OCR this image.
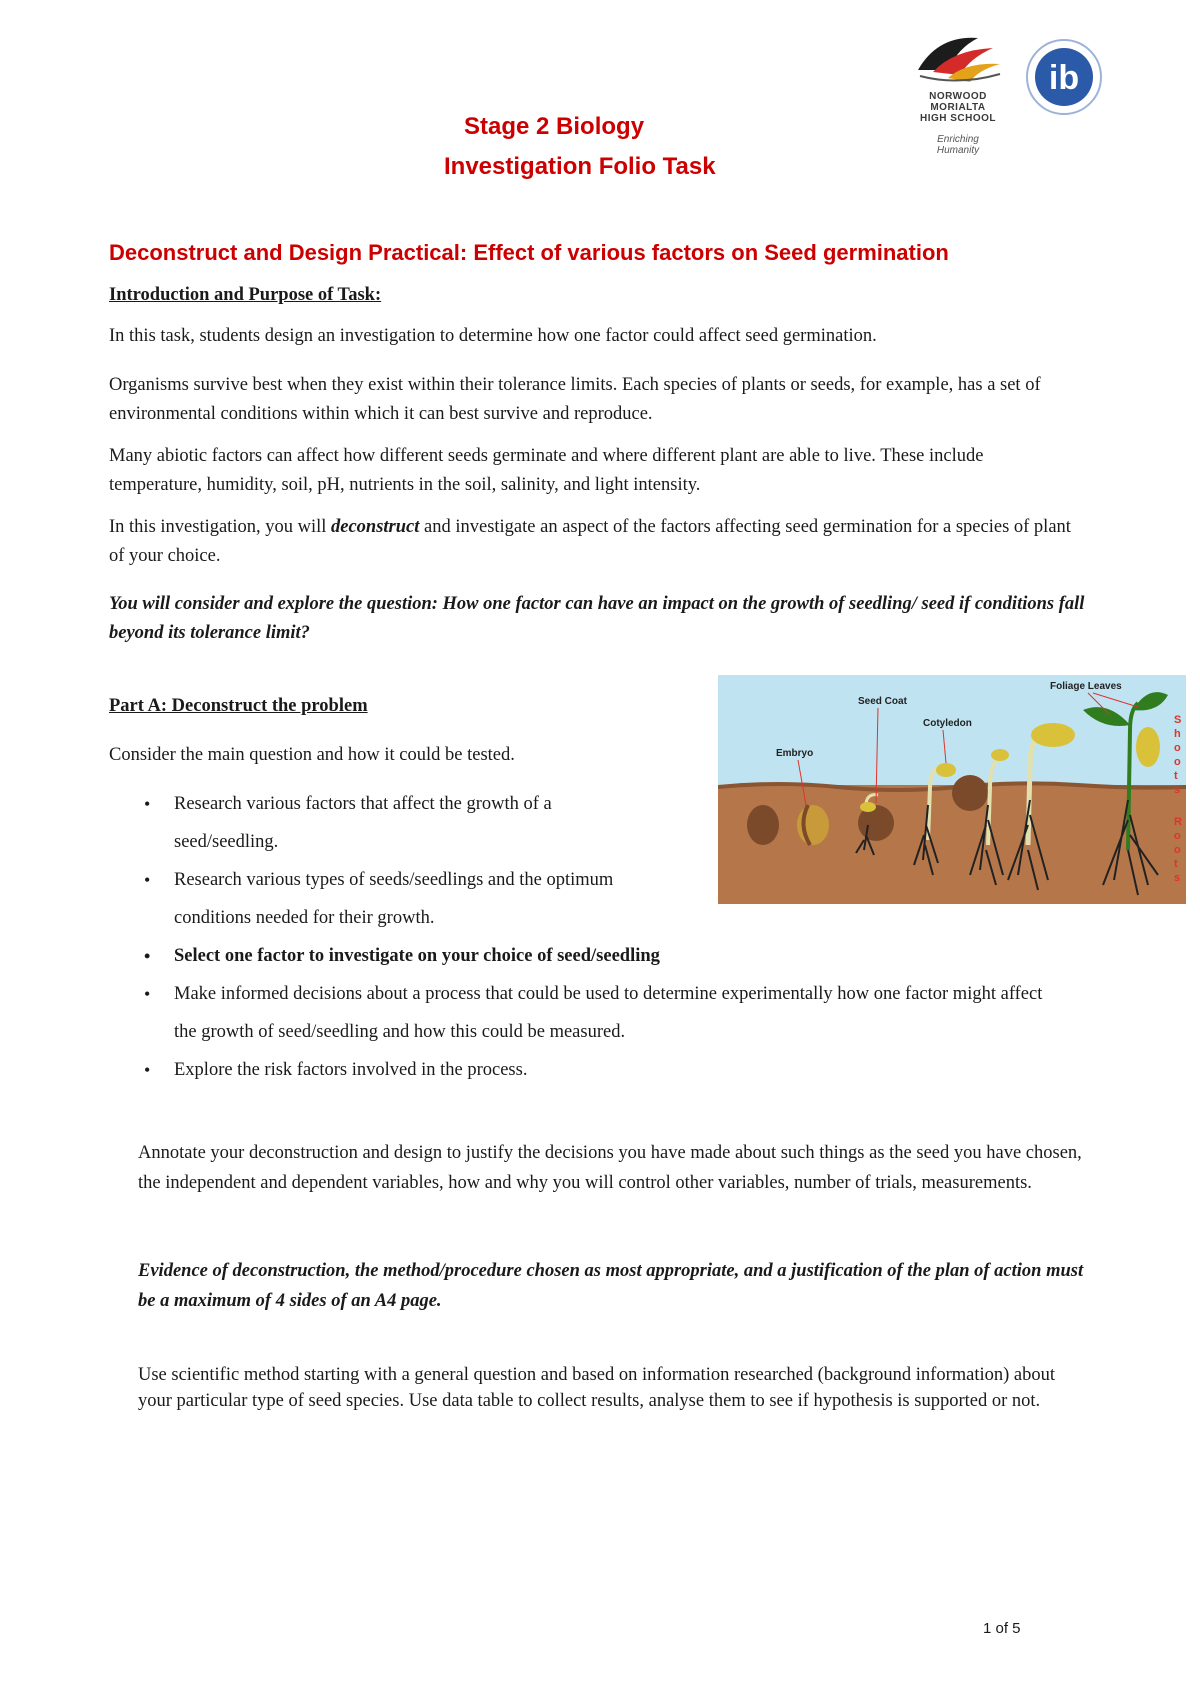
NORWOOD
MORIALTA
HIGH SCHOOL
Enriching
Humanity
ib
Stage 2 Biology
Investigation Folio Task
Deconstruct and Design Practical: Effect of various factors on Seed germination
Introduction and Purpose of Task:
In this task, students design an investigation to determine how one factor could affect seed germination.
Organisms survive best when they exist within their tolerance limits. Each species of plants or seeds, for example, has a set of environmental conditions within which it can best survive and reproduce.
Many abiotic factors can affect how different seeds germinate and where different plant are able to live. These include temperature, humidity, soil, pH, nutrients in the soil, salinity, and light intensity.
In this investigation, you will deconstruct and investigate an aspect of the factors affecting seed germination for a species of plant of your choice.
You will consider and explore the question: How one factor can have an impact on the growth of seedling/ seed if conditions fall beyond its tolerance limit?
Embryo
Seed Coat
Cotyledon
Foliage Leaves
S
h
o
o
t
s
R
o
o
t
s
Part A: Deconstruct the problem
Consider the main question and how it could be tested.
• Research various factors that affect the growth of a seed/seedling.
• Research various types of seeds/seedlings and the optimum conditions needed for their growth.
• Select one factor to investigate on your choice of seed/seedling
• Make informed decisions about a process that could be used to determine experimentally how one factor might affect the growth of seed/seedling and how this could be measured.
• Explore the risk factors involved in the process.
Annotate your deconstruction and design to justify the decisions you have made about such things as the seed you have chosen, the independent and dependent variables, how and why you will control other variables, number of trials, measurements.
Evidence of deconstruction, the method/procedure chosen as most appropriate, and a justification of the plan of action must be a maximum of 4 sides of an A4 page.
Use scientific method starting with a general question and based on information researched (background information) about your particular type of seed species. Use data table to collect results, analyse them to see if hypothesis is supported or not.
1 of 5
